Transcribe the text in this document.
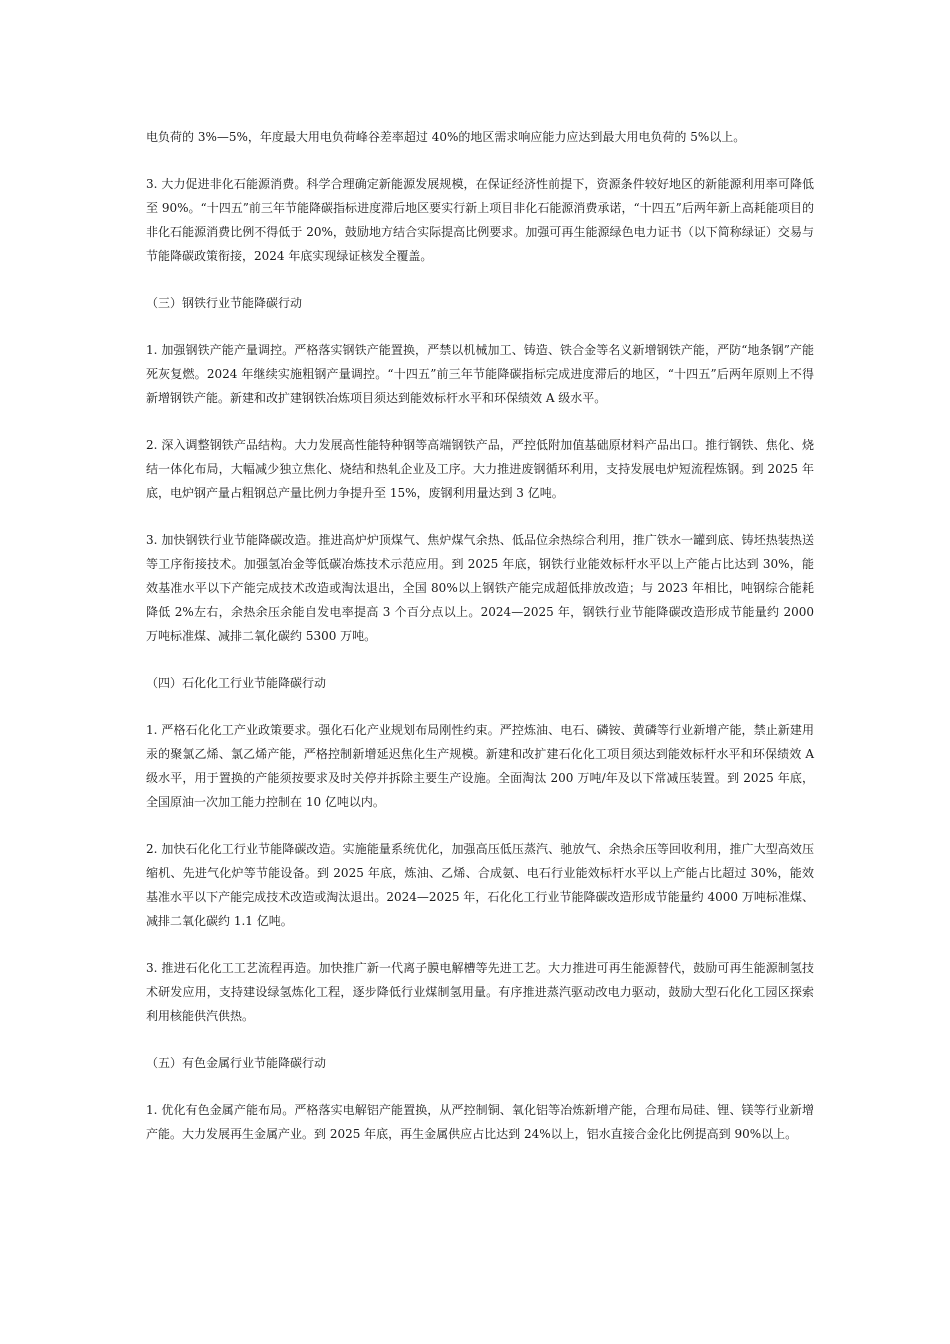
电负荷的 3%—5%，年度最大用电负荷峰谷差率超过 40%的地区需求响应能力应达到最大用电负荷的 5%以上。

3. 大力促进非化石能源消费。科学合理确定新能源发展规模，在保证经济性前提下，资源条件较好地区的新能源利用率可降低至 90%。“十四五”前三年节能降碳指标进度滞后地区要实行新上项目非化石能源消费承诺，“十四五”后两年新上高耗能项目的非化石能源消费比例不得低于 20%，鼓励地方结合实际提高比例要求。加强可再生能源绿色电力证书（以下简称绿证）交易与节能降碳政策衔接，2024 年底实现绿证核发全覆盖。

（三）钢铁行业节能降碳行动

1. 加强钢铁产能产量调控。严格落实钢铁产能置换，严禁以机械加工、铸造、铁合金等名义新增钢铁产能，严防“地条钢”产能死灰复燃。2024 年继续实施粗钢产量调控。“十四五”前三年节能降碳指标完成进度滞后的地区，“十四五”后两年原则上不得新增钢铁产能。新建和改扩建钢铁冶炼项目须达到能效标杆水平和环保绩效 A 级水平。

2. 深入调整钢铁产品结构。大力发展高性能特种钢等高端钢铁产品，严控低附加值基础原材料产品出口。推行钢铁、焦化、烧结一体化布局，大幅减少独立焦化、烧结和热轧企业及工序。大力推进废钢循环利用，支持发展电炉短流程炼钢。到 2025 年底，电炉钢产量占粗钢总产量比例力争提升至 15%，废钢利用量达到 3 亿吨。

3. 加快钢铁行业节能降碳改造。推进高炉炉顶煤气、焦炉煤气余热、低品位余热综合利用，推广铁水一罐到底、铸坯热装热送等工序衔接技术。加强氢冶金等低碳冶炼技术示范应用。到 2025 年底，钢铁行业能效标杆水平以上产能占比达到 30%，能效基准水平以下产能完成技术改造或淘汰退出，全国 80%以上钢铁产能完成超低排放改造；与 2023 年相比，吨钢综合能耗降低 2%左右，余热余压余能自发电率提高 3 个百分点以上。2024—2025 年，钢铁行业节能降碳改造形成节能量约 2000 万吨标准煤、减排二氧化碳约 5300 万吨。

（四）石化化工行业节能降碳行动

1. 严格石化化工产业政策要求。强化石化产业规划布局刚性约束。严控炼油、电石、磷铵、黄磷等行业新增产能，禁止新建用汞的聚氯乙烯、氯乙烯产能，严格控制新增延迟焦化生产规模。新建和改扩建石化化工项目须达到能效标杆水平和环保绩效 A 级水平，用于置换的产能须按要求及时关停并拆除主要生产设施。全面淘汰 200 万吨/年及以下常减压装置。到 2025 年底，全国原油一次加工能力控制在 10 亿吨以内。

2. 加快石化化工行业节能降碳改造。实施能量系统优化，加强高压低压蒸汽、驰放气、余热余压等回收利用，推广大型高效压缩机、先进气化炉等节能设备。到 2025 年底，炼油、乙烯、合成氨、电石行业能效标杆水平以上产能占比超过 30%，能效基准水平以下产能完成技术改造或淘汰退出。2024—2025 年，石化化工行业节能降碳改造形成节能量约 4000 万吨标准煤、减排二氧化碳约 1.1 亿吨。

3. 推进石化化工工艺流程再造。加快推广新一代离子膜电解槽等先进工艺。大力推进可再生能源替代，鼓励可再生能源制氢技术研发应用，支持建设绿氢炼化工程，逐步降低行业煤制氢用量。有序推进蒸汽驱动改电力驱动，鼓励大型石化化工园区探索利用核能供汽供热。

（五）有色金属行业节能降碳行动

1. 优化有色金属产能布局。严格落实电解铝产能置换，从严控制铜、氧化铝等冶炼新增产能，合理布局硅、锂、镁等行业新增产能。大力发展再生金属产业。到 2025 年底，再生金属供应占比达到 24%以上，铝水直接合金化比例提高到 90%以上。
